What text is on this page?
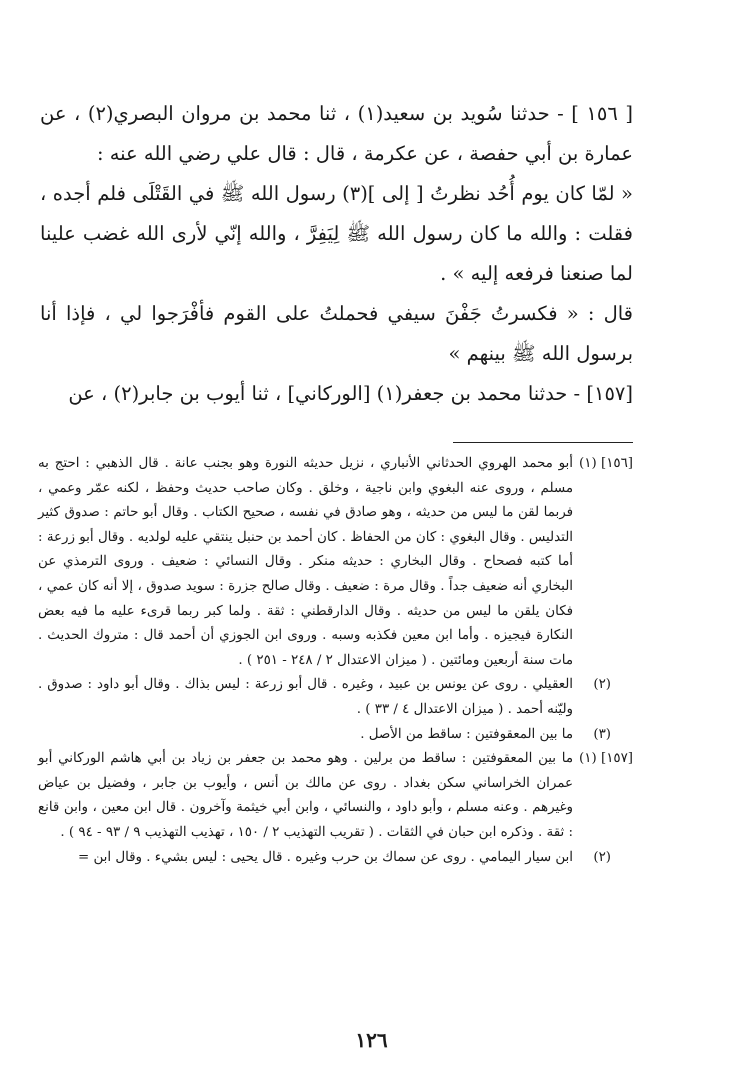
[ ١٥٦ ] - حدثنا سُويد بن سعيد(١) ، ثنا محمد بن مروان البصري(٢) ، عن عمارة بن أبي حفصة ، عن عكرمة ، قال : قال علي رضي الله عنه :

« لمّا كان يوم أُحُد نظرتُ [ إلى ](٣) رسول الله ﷺ في القَتْلَى فلم أجده ، فقلت : والله ما كان رسول الله ﷺ لِيَفِرَّ ، والله إنّي لأرى الله غضب علينا لما صنعنا فرفعه إليه » .

قال : « فكسرتُ جَفْنَ سيفي فحملتُ على القوم فأفْرَجوا لي ، فإذا أنا برسول الله ﷺ بينهم »

[١٥٧] - حدثنا محمد بن جعفر(١) [الوركاني] ، ثنا أيوب بن جابر(٢) ، عن

[١٥٦] (١)
أبو محمد الهروي الحدثاني الأنباري ، نزيل حديثه النورة وهو بجنب عانة . قال الذهبي : احتج به مسلم ، وروى عنه البغوي وابن ناجية ، وخلق . وكان صاحب حديث وحفظ ، لكنه عمّر وعمي ، فربما لقن ما ليس من حديثه ، وهو صادق في نفسه ، صحيح الكتاب . وقال أبو حاتم : صدوق كثير التدليس . وقال البغوي : كان من الحفاظ . كان أحمد بن حنبل ينتقي عليه لولديه . وقال أبو زرعة : أما كتبه فصحاح . وقال البخاري : حديثه منكر . وقال النسائي : ضعيف . وروى الترمذي عن البخاري أنه ضعيف جداً . وقال مرة : ضعيف . وقال صالح جزرة : سويد صدوق ، إلا أنه كان عمي ، فكان يلقن ما ليس من حديثه . وقال الدارقطني : ثقة . ولما كبر ربما قرىء عليه ما فيه بعض النكارة فيجيزه . وأما ابن معين فكذبه وسبه . وروى ابن الجوزي أن أحمد قال : متروك الحديث . مات سنة أربعين ومائتين . ( ميزان الاعتدال ٢ / ٢٤٨ - ٢٥١ ) .
(٢)
العقيلي . روى عن يونس بن عبيد ، وغيره . قال أبو زرعة : ليس بذاك . وقال أبو داود : صدوق . وليّنه أحمد . ( ميزان الاعتدال ٤ / ٣٣ ) .
(٣)
ما بين المعقوفتين : ساقط من الأصل .
[١٥٧] (١)
ما بين المعقوفتين : ساقط من برلين . وهو محمد بن جعفر بن زياد بن أبي هاشم الوركاني أبو عمران الخراساني سكن بغداد . روى عن مالك بن أنس ، وأيوب بن جابر ، وفضيل بن عياض وغيرهم . وعنه مسلم ، وأبو داود ، والنسائي ، وابن أبي خيثمة وآخرون . قال ابن معين ، وابن قانع : ثقة . وذكره ابن حبان في الثقات . ( تقريب التهذيب ٢ / ١٥٠ ، تهذيب التهذيب ٩ / ٩٣ - ٩٤ ) .
(٢)
ابن سيار اليمامي . روى عن سماك بن حرب وغيره . قال يحيى : ليس بشيء . وقال ابن =
١٢٦
